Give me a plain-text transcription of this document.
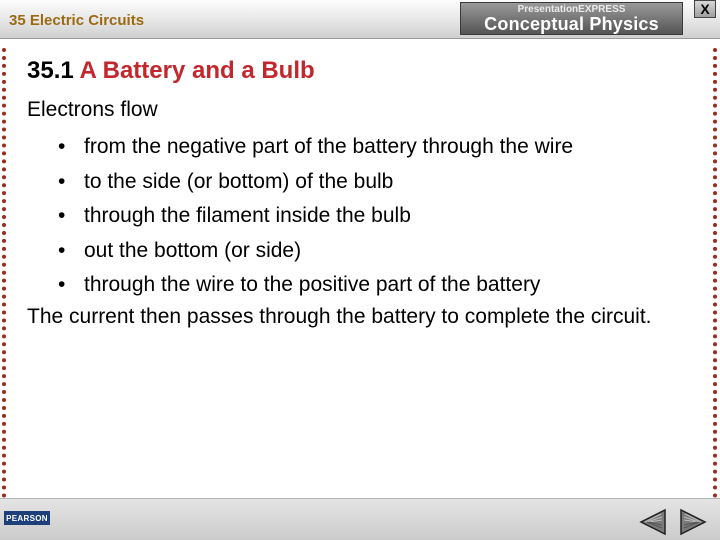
35 Electric Circuits
PresentationEXPRESS
Conceptual Physics
X
35.1 A Battery and a Bulb
Electrons flow
• from the negative part of the battery through the wire
• to the side (or bottom) of the bulb
• through the filament inside the bulb
• out the bottom (or side)
• through the wire to the positive part of the battery
The current then passes through the battery to complete the circuit.
PEARSON
